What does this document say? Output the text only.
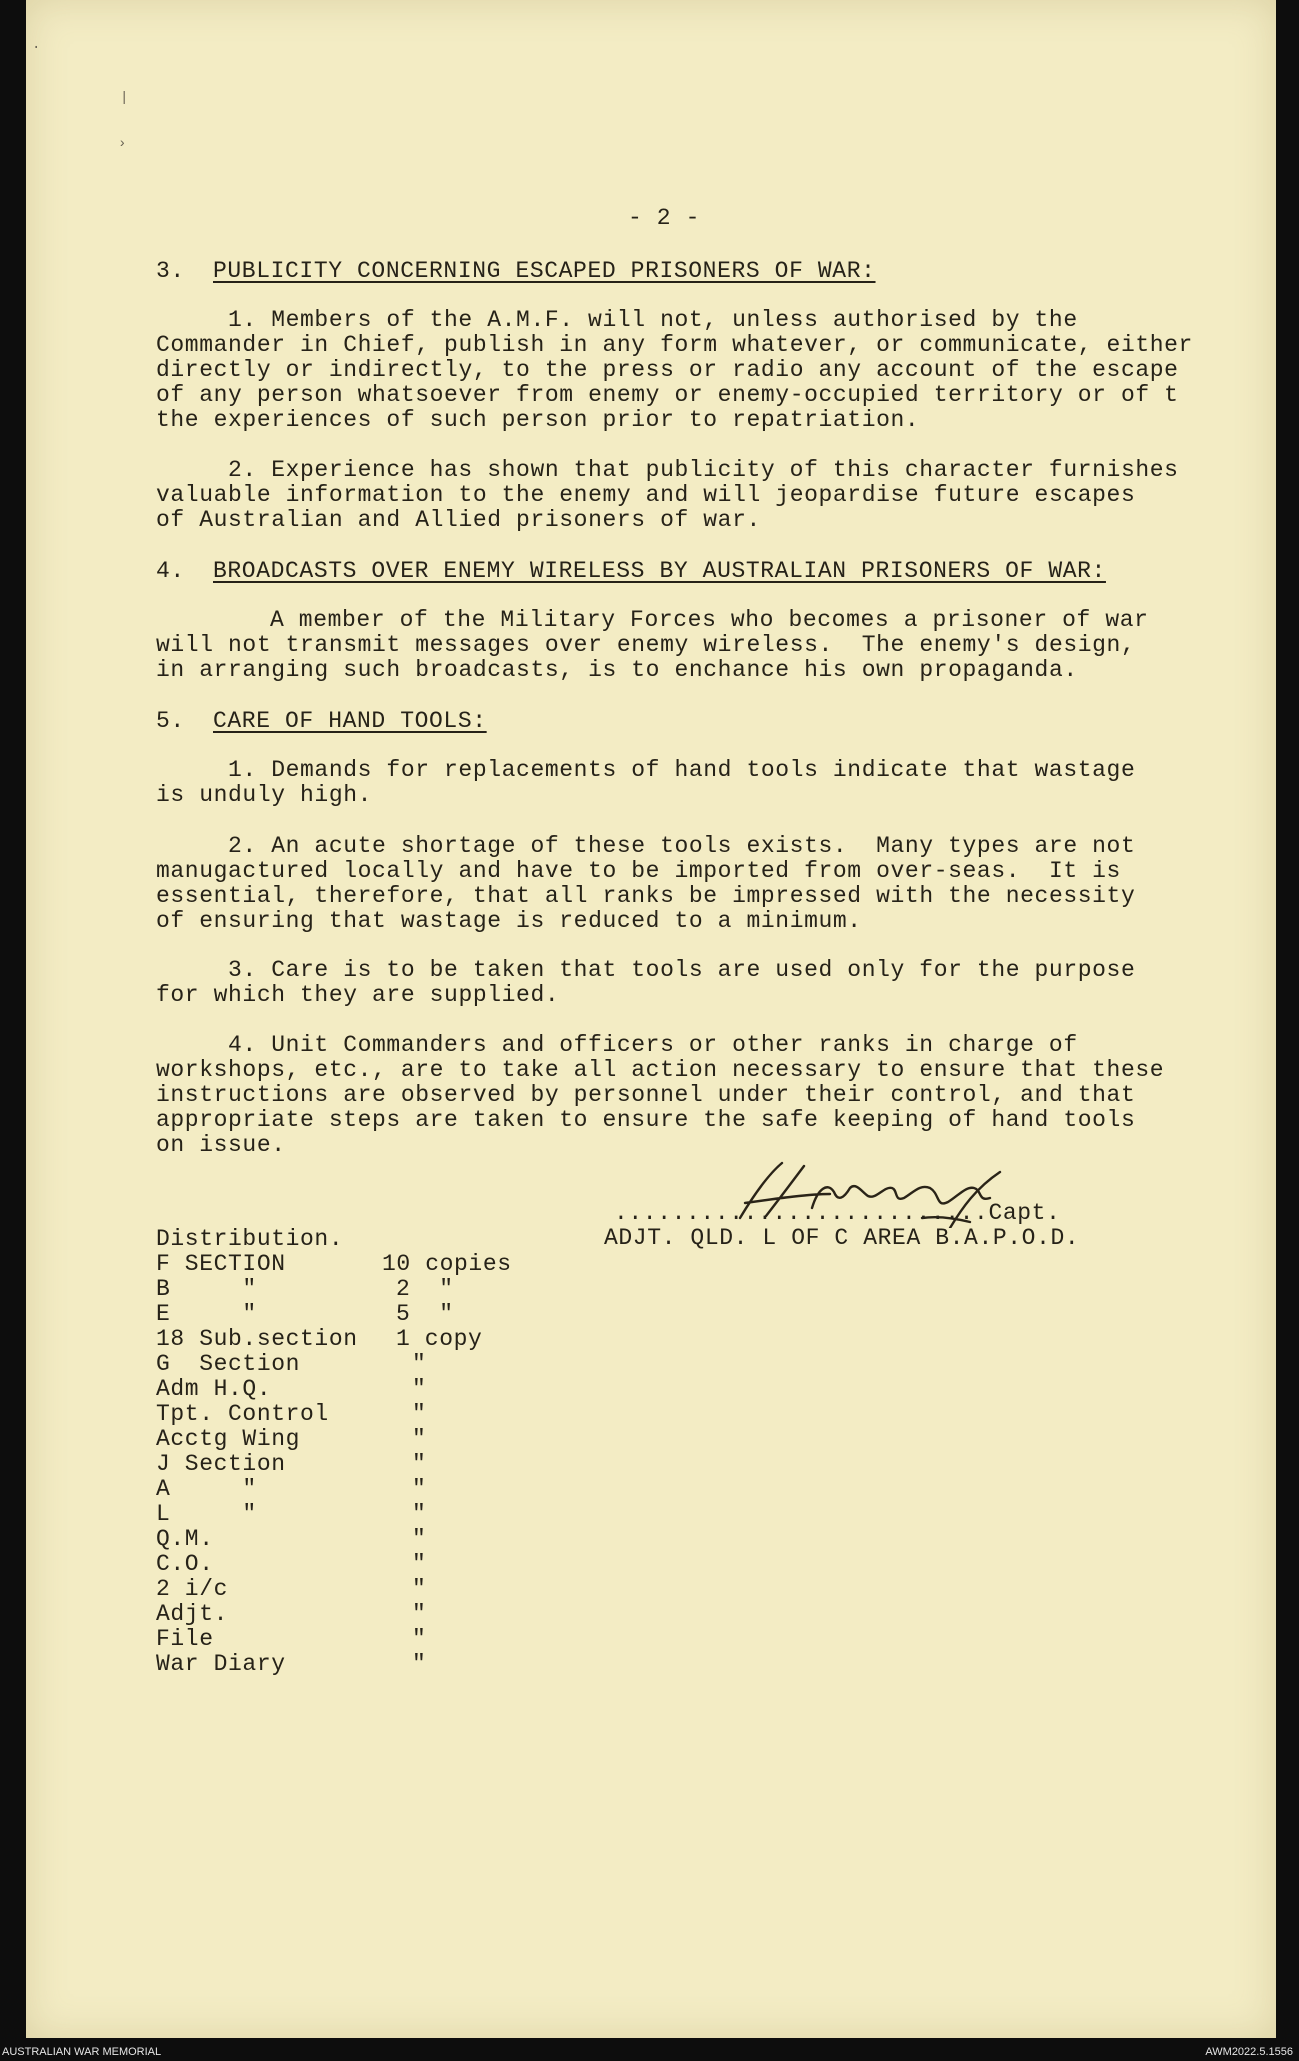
·
|
›
- 2 -
3. PUBLICITY CONCERNING ESCAPED PRISONERS OF WAR:
1. Members of the A.M.F. will not, unless authorised by the
Commander in Chief, publish in any form whatever, or communicate, either
directly or indirectly, to the press or radio any account of the escape
of any person whatsoever from enemy or enemy-occupied territory or of t
the experiences of such person prior to repatriation.
2. Experience has shown that publicity of this character furnishes
valuable information to the enemy and will jeopardise future escapes
of Australian and Allied prisoners of war.
4. BROADCASTS OVER ENEMY WIRELESS BY AUSTRALIAN PRISONERS OF WAR:
A member of the Military Forces who becomes a prisoner of war
will not transmit messages over enemy wireless.  The enemy's design,
in arranging such broadcasts, is to enchance his own propaganda.
5. CARE OF HAND TOOLS:
1. Demands for replacements of hand tools indicate that wastage
is unduly high.
2. An acute shortage of these tools exists.  Many types are not
manugactured locally and have to be imported from over-seas.  It is
essential, therefore, that all ranks be impressed with the necessity
of ensuring that wastage is reduced to a minimum.
3. Care is to be taken that tools are used only for the purpose
for which they are supplied.
4. Unit Commanders and officers or other ranks in charge of
workshops, etc., are to take all action necessary to ensure that these
instructions are observed by personnel under their control, and that
appropriate steps are taken to ensure the safe keeping of hand tools
on issue.
..........................Capt.
ADJT. QLD. L OF C AREA B.A.P.O.D.
Distribution.
F SECTION	10 copies
B     "	2  "
E     "	5  "
18 Sub.section 1 copy
G  Section	"
Adm H.Q.	"
Tpt. Control	"
Acctg Wing	"
J Section	"
A     "	"
L     "	"
Q.M.	"
C.O.	"
2 i/c	"
Adjt.	"
File	"
War Diary	"
AUSTRALIAN WAR MEMORIAL	AWM2022.5.1556
